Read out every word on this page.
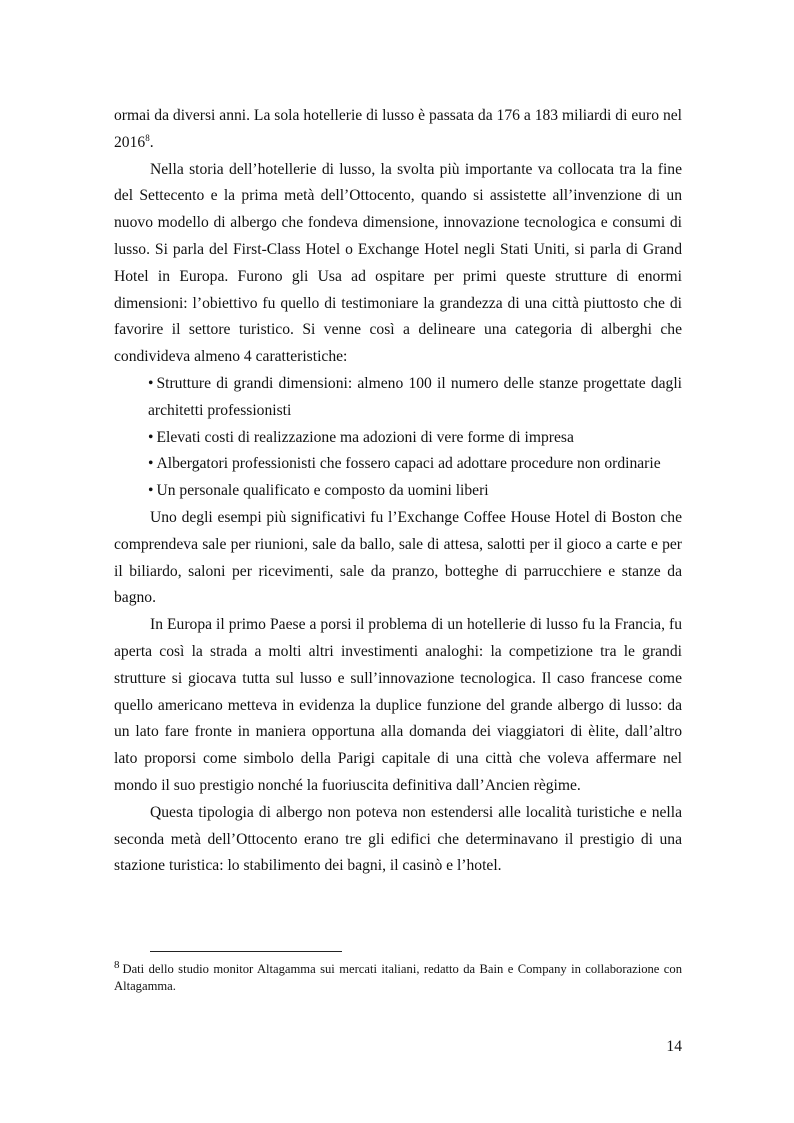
ormai da diversi anni. La sola hotellerie di lusso è passata da 176 a 183 miliardi di euro nel 2016$^8$.

Nella storia dell’hotellerie di lusso, la svolta più importante va collocata tra la fine del Settecento e la prima metà dell’Ottocento, quando si assistette all’invenzione di un nuovo modello di albergo che fondeva dimensione, innovazione tecnologica e consumi di lusso. Si parla del First-Class Hotel o Exchange Hotel negli Stati Uniti, si parla di Grand Hotel in Europa. Furono gli Usa ad ospitare per primi queste strutture di enormi dimensioni: l’obiettivo fu quello di testimoniare la grandezza di una città piuttosto che di favorire il settore turistico. Si venne così a delineare una categoria di alberghi che condivideva almeno 4 caratteristiche:

• Strutture di grandi dimensioni: almeno 100 il numero delle stanze progettate dagli architetti professionisti

• Elevati costi di realizzazione ma adozioni di vere forme di impresa

• Albergatori professionisti che fossero capaci ad adottare procedure non ordinarie

• Un personale qualificato e composto da uomini liberi

Uno degli esempi più significativi fu l’Exchange Coffee House Hotel di Boston che comprendeva sale per riunioni, sale da ballo, sale di attesa, salotti per il gioco a carte e per il biliardo, saloni per ricevimenti, sale da pranzo, botteghe di parrucchiere e stanze da bagno.

In Europa il primo Paese a porsi il problema di un hotellerie di lusso fu la Francia, fu aperta così la strada a molti altri investimenti analoghi: la competizione tra le grandi strutture si giocava tutta sul lusso e sull’innovazione tecnologica. Il caso francese come quello americano metteva in evidenza la duplice funzione del grande albergo di lusso: da un lato fare fronte in maniera opportuna alla domanda dei viaggiatori di èlite, dall’altro lato proporsi come simbolo della Parigi capitale di una città che voleva affermare nel mondo il suo prestigio nonché la fuoriuscita definitiva dall’Ancien règime.

Questa tipologia di albergo non poteva non estendersi alle località turistiche e nella seconda metà dell’Ottocento erano tre gli edifici che determinavano il prestigio di una stazione turistica: lo stabilimento dei bagni, il casinò e l’hotel.

8 Dati dello studio monitor Altagamma sui mercati italiani, redatto da Bain e Company in collaborazione con Altagamma.
14
